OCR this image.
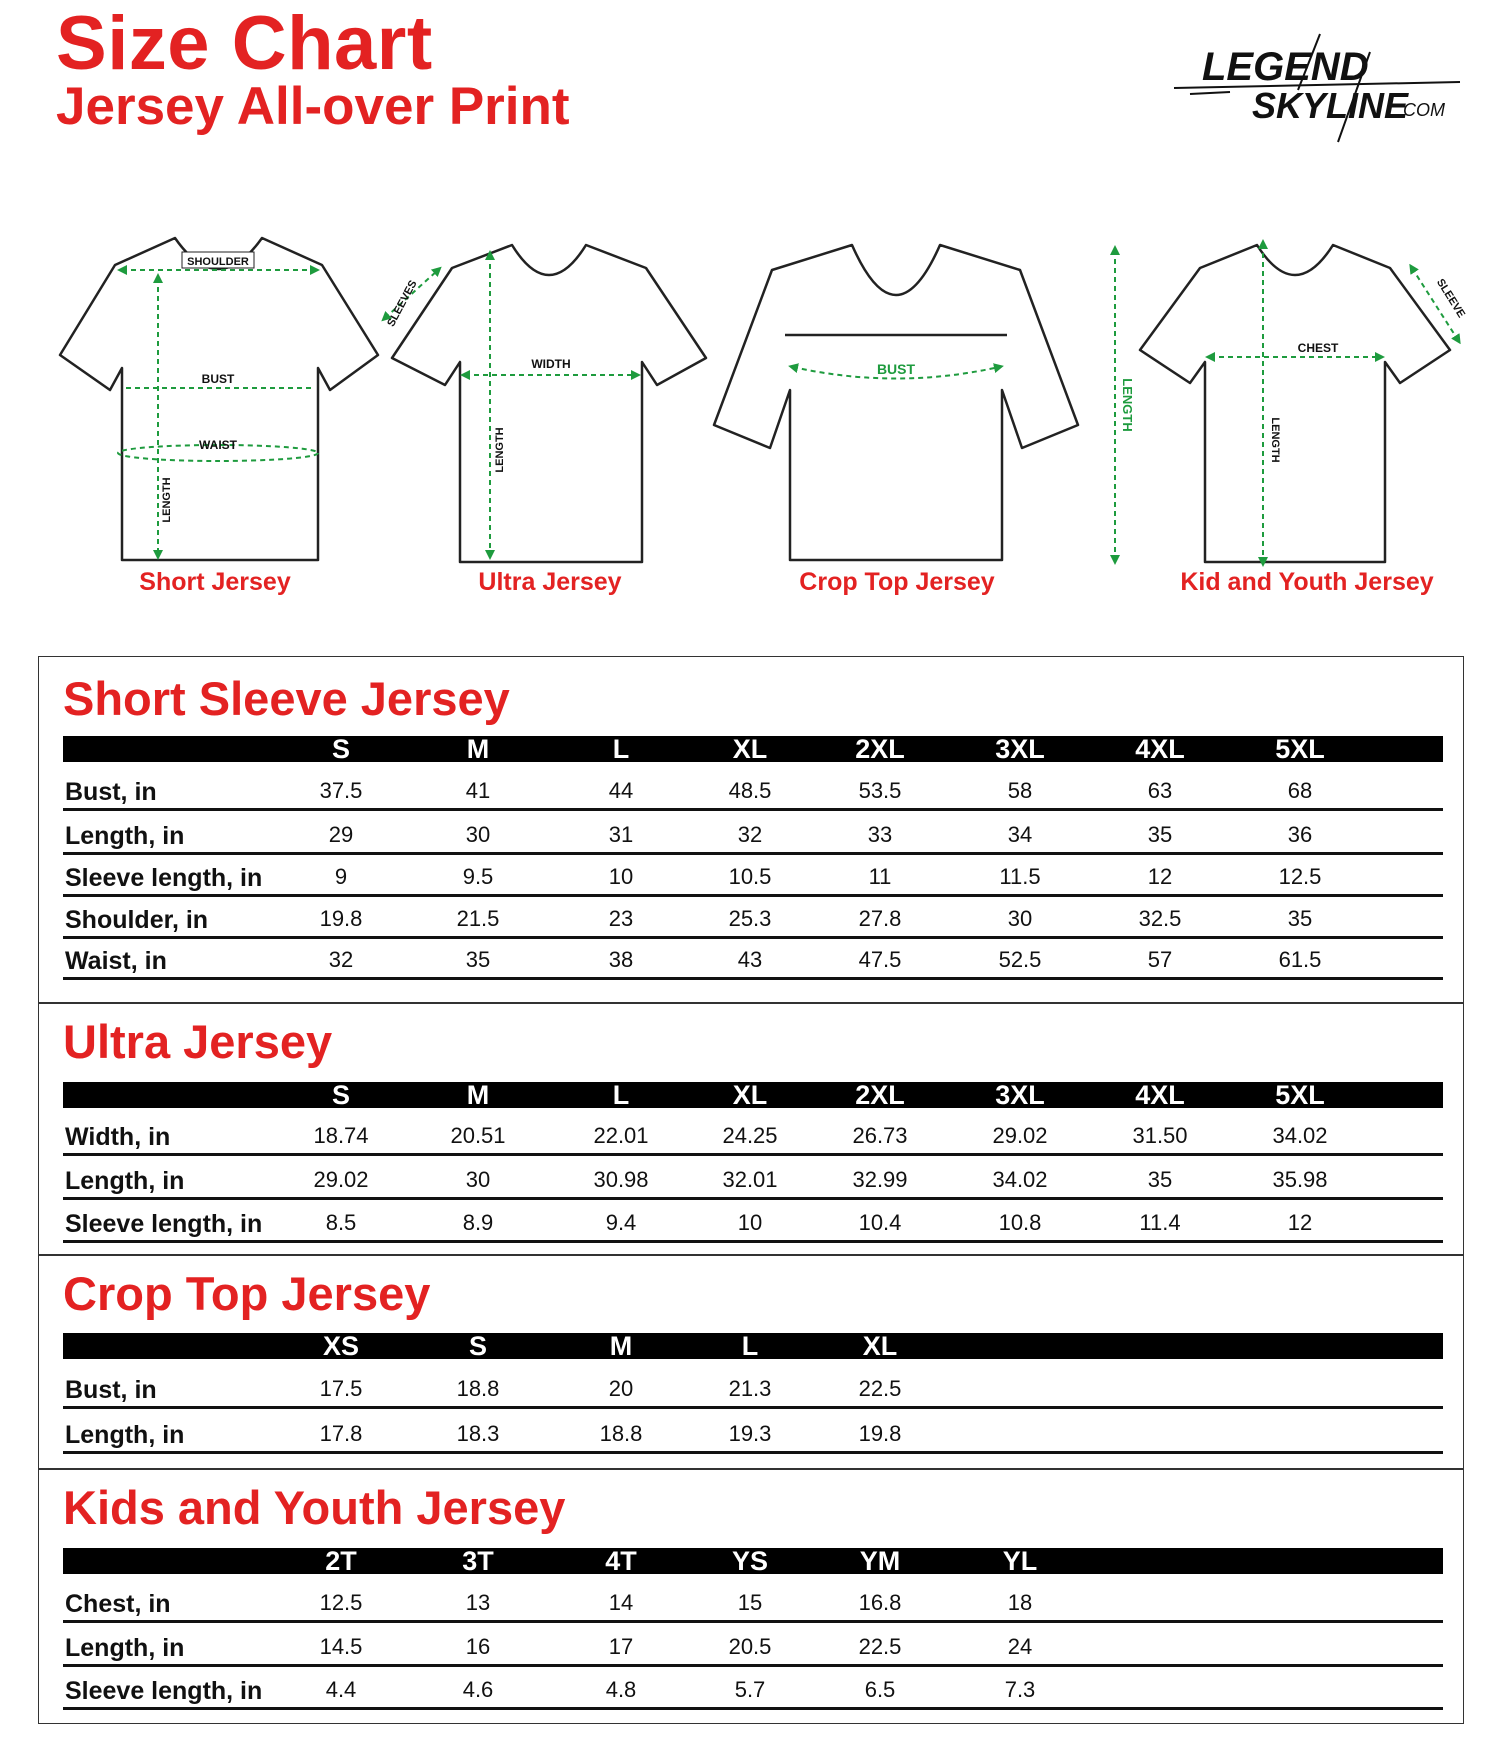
Size Chart
Jersey All-over Print
LEGEND
SKYLINE
.COM
SHOULDER
BUST
WAIST
LENGTH
WIDTH
LENGTH
SLEEVES
BUST
LENGTH
CHEST
LENGTH
SLEEVE
Short Jersey	Ultra Jersey	Crop Top Jersey	Kid and Youth Jersey
Short Sleeve Jersey
S	M	L	XL	2XL	3XL	4XL	5XL
Bust, in	37.5	41	44	48.5	53.5	58	63	68
Length, in	29	30	31	32	33	34	35	36
Sleeve length, in	9	9.5	10	10.5	11	11.5	12	12.5
Shoulder, in	19.8	21.5	23	25.3	27.8	30	32.5	35
Waist, in	32	35	38	43	47.5	52.5	57	61.5
Ultra Jersey
S	M	L	XL	2XL	3XL	4XL	5XL
Width, in	18.74	20.51	22.01	24.25	26.73	29.02	31.50	34.02
Length, in	29.02	30	30.98	32.01	32.99	34.02	35	35.98
Sleeve length, in	8.5	8.9	9.4	10	10.4	10.8	11.4	12
Crop Top Jersey
XS	S	M	L	XL
Bust, in	17.5	18.8	20	21.3	22.5
Length, in	17.8	18.3	18.8	19.3	19.8
Kids and Youth Jersey
2T	3T	4T	YS	YM	YL
Chest, in	12.5	13	14	15	16.8	18
Length, in	14.5	16	17	20.5	22.5	24
Sleeve length, in	4.4	4.6	4.8	5.7	6.5	7.3
